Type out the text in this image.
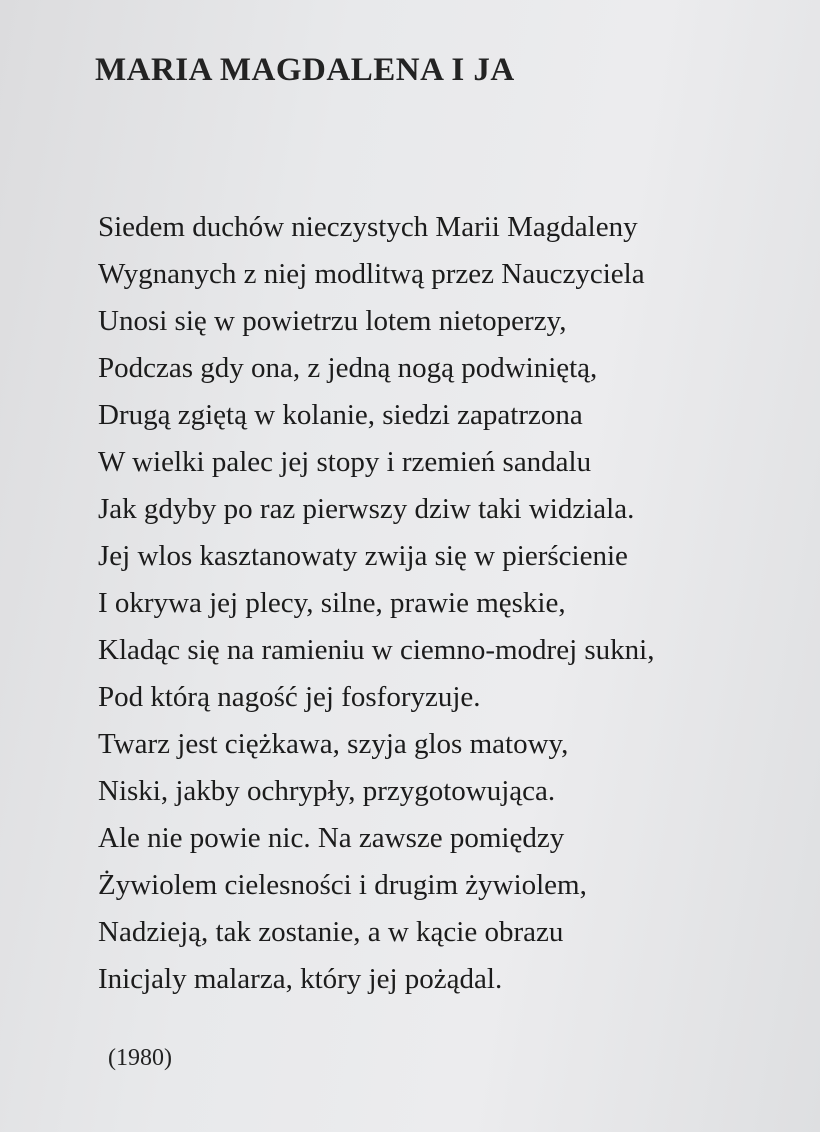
MARIA MAGDALENA I JA
Siedem duchów nieczystych Marii Magdaleny
Wygnanych z niej modlitwą przez Nauczyciela
Unosi się w powietrzu lotem nietoperzy,
Podczas gdy ona, z jedną nogą podwiniętą,
Drugą zgiętą w kolanie, siedzi zapatrzona
W wielki palec jej stopy i rzemień sandalu
Jak gdyby po raz pierwszy dziw taki widziala.
Jej wlos kasztanowaty zwija się w pierścienie
I okrywa jej plecy, silne, prawie męskie,
Kladąc się na ramieniu w ciemno-modrej sukni,
Pod którą nagość jej fosforyzuje.
Twarz jest ciężkawa, szyja glos matowy,
Niski, jakby ochrypły, przygotowująca.
Ale nie powie nic. Na zawsze pomiędzy
Żywiolem cielesności i drugim żywiolem,
Nadzieją, tak zostanie, a w kącie obrazu
Inicjaly malarza, który jej pożądal.

(1980)
